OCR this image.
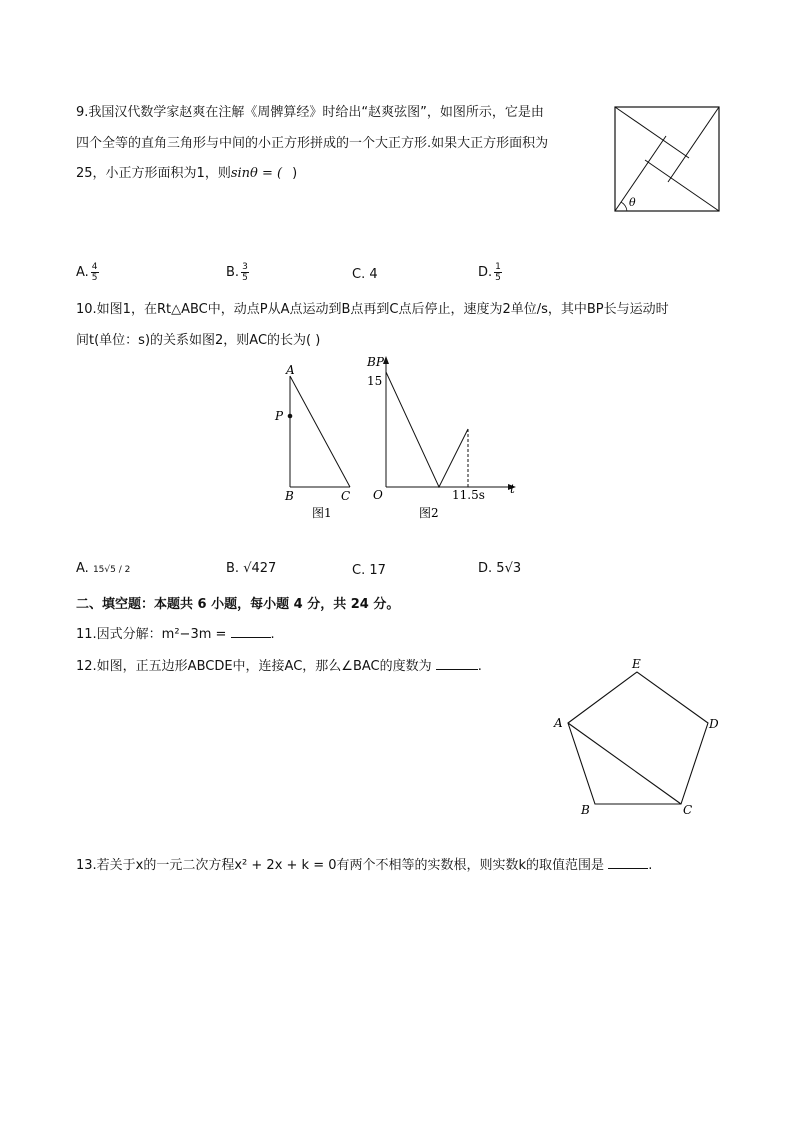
9.我国汉代数学家赵爽在注解《周髀算经》时给出“赵爽弦图”，如图所示，它是由
四个全等的直角三角形与中间的小正方形拼成的一个大正方形.如果大正方形面积为
25，小正方形面积为1，则sinθ = ( )
θ
A. $\frac{4}{5}$	B. $\frac{3}{5}$	C. 4	D. $\frac{1}{5}$
10.如图1，在Rt△ABC中，动点P从A点运动到B点再到C点后停止，速度为2单位/s，其中BP长与运动时
间t(单位：s)的关系如图2，则AC的长为( )
A
P
B	C
图1
BP
15
O	11.5s t
图2
A. 15√5 / 2	B. √427	C. 17	D. 5√3
二、填空题：本题共 6 小题，每小题 4 分，共 24 分。
11.因式分解：m²−3m =	.
12.如图，正五边形ABCDE中，连接AC，那么∠BAC的度数为	.
A
E
D
B	C
13.若关于x的一元二次方程x² + 2x + k = 0有两个不相等的实数根，则实数k的取值范围是	.
